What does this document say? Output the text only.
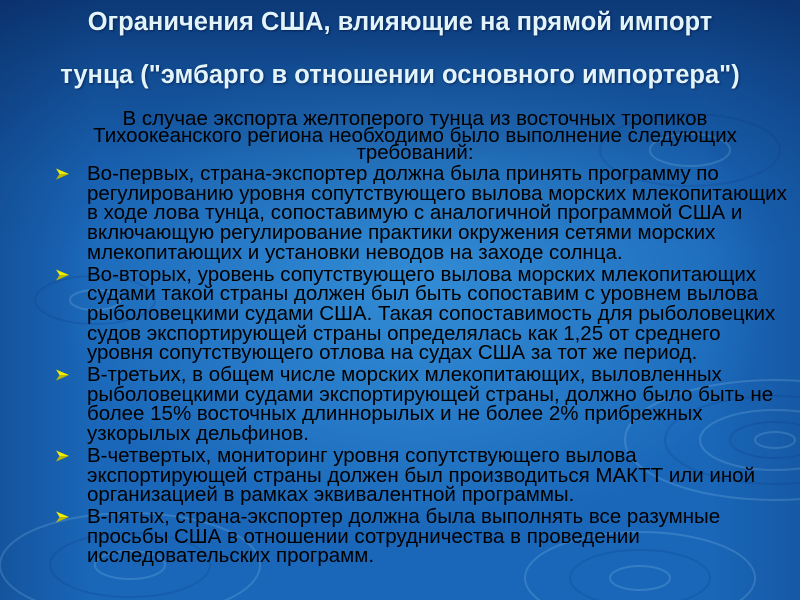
Ограничения США, влияющие на прямой импорт
тунца ("эмбарго в отношении основного импортера")
В случае экспорта желтоперого тунца из восточных тропиков
Тихоокеанского региона необходимо было выполнение следующих
требований:
Во-первых, страна-экспортер должна была принять программу по
регулированию уровня сопутствующего вылова морских млекопитающих
в ходе лова тунца, сопоставимую с аналогичной программой США и
включающую регулирование практики окружения сетями морских
млекопитающих и установки неводов на заходе солнца.
Во-вторых, уровень сопутствующего вылова морских млекопитающих
судами такой страны должен был быть сопоставим с уровнем вылова
рыболовецкими судами США. Такая сопоставимость для рыболовецких
судов экспортирующей страны определялась как 1,25 от среднего
уровня сопутствующего отлова на судах США за тот же период.
В-третьих, в общем числе морских млекопитающих, выловленных
рыболовецкими судами экспортирующей страны, должно было быть не
более 15% восточных длиннорылых и не более 2% прибрежных
узкорылых дельфинов.
В-четвертых, мониторинг уровня сопутствующего вылова
экспортирующей страны должен был производиться МАКТТ или иной
организацией в рамках эквивалентной программы.
В-пятых, страна-экспортер должна была выполнять все разумные
просьбы США в отношении сотрудничества в проведении
исследовательских программ.
